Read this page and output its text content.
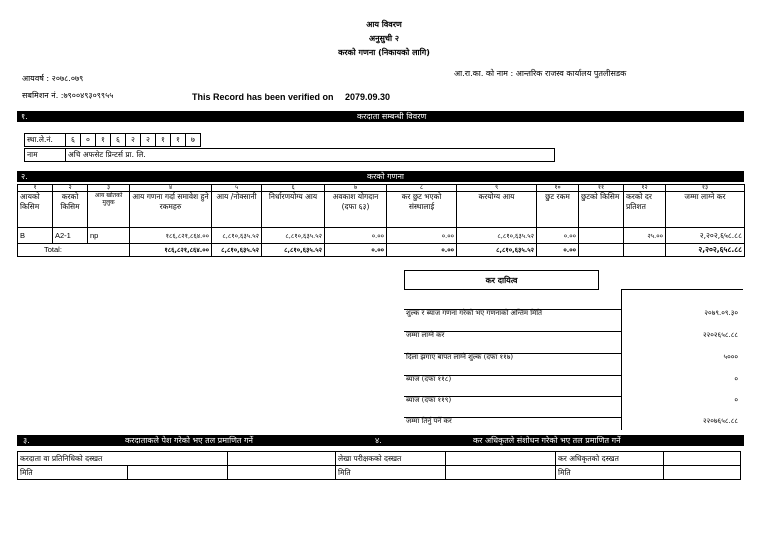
आय विवरण
अनुसुची २
करको गणना (निकायको लागि)
आयवर्ष : २०७८.०७९
सबमिशन नं. :७९००४९३०९९५५	This Record has been verified on 2079.09.30
आ.रा.का. को नाम : आन्तरिक राजस्व कार्यालय पुतलीसडक
१.	करदाता सम्बन्धी विवरण
स्था.ले.नं.	६	०	१	६	२	२	१	१	७
नाम	अचि अफसेट प्रिन्टर्स प्रा. लि.
२.	करको गणना
१	२	३	४	५	६	७	८	९	१०	११	१२	१३
आयको किसिम	करको किसिम	आय खोतको मुलुक	आय गणना गर्दा समावेश हुने रकमहरु	आय /नोक्सानी	निर्धारणयोग्य आय	अवकाश योगदान (दफा ६३)	कर छुट भएको संस्थालाई	करयोग्य आय	छुट रकम	छुटको किसिम	करको दर प्रतिशत	जम्मा लाग्ने कर
B	A2-1	np	१८६,८२१,८६४.००	८,८१०,६३५.५२	८,८१०,६३५.५२	०.००	०.००	८,८१०,६३५.५२	०.००		२५.००	२,२०२,६५८.८८
Total:			१८६,८२१,८६४.००	८,८१०,६३५.५२	८,८१०,६३५.५२	०.००	०.००	८,८१०,६३५.५२	०.००			२,२०२,६५८.८८
कर दायित्व
शुल्क र ब्याज गणना गरेको भए गणनाको अन्तिम मिति	२०७९.०९.३०
जम्मा लाग्ने कर	२२०२६५८.८८
दिला झगाए बापत लाग्ने शुल्क (दफा ११७)	५०००
ब्याज (दफा ११८)	०
ब्याज (दफा ११९)	०
जम्मा तिर्नु पर्ने कर	२२०७६५८.८८
३.	करदाताकले पेश गरेको भए तल प्रमाणित गर्ने	४.	कर अधिकृतले संशोधन गरेको भए तल प्रमाणित गर्ने
करदाता वा प्रतिनिधिको दस्खत			लेखा परीक्षकको दस्खत		कर अधिकृतको दस्खत	
मिति			मिति		मिति	
